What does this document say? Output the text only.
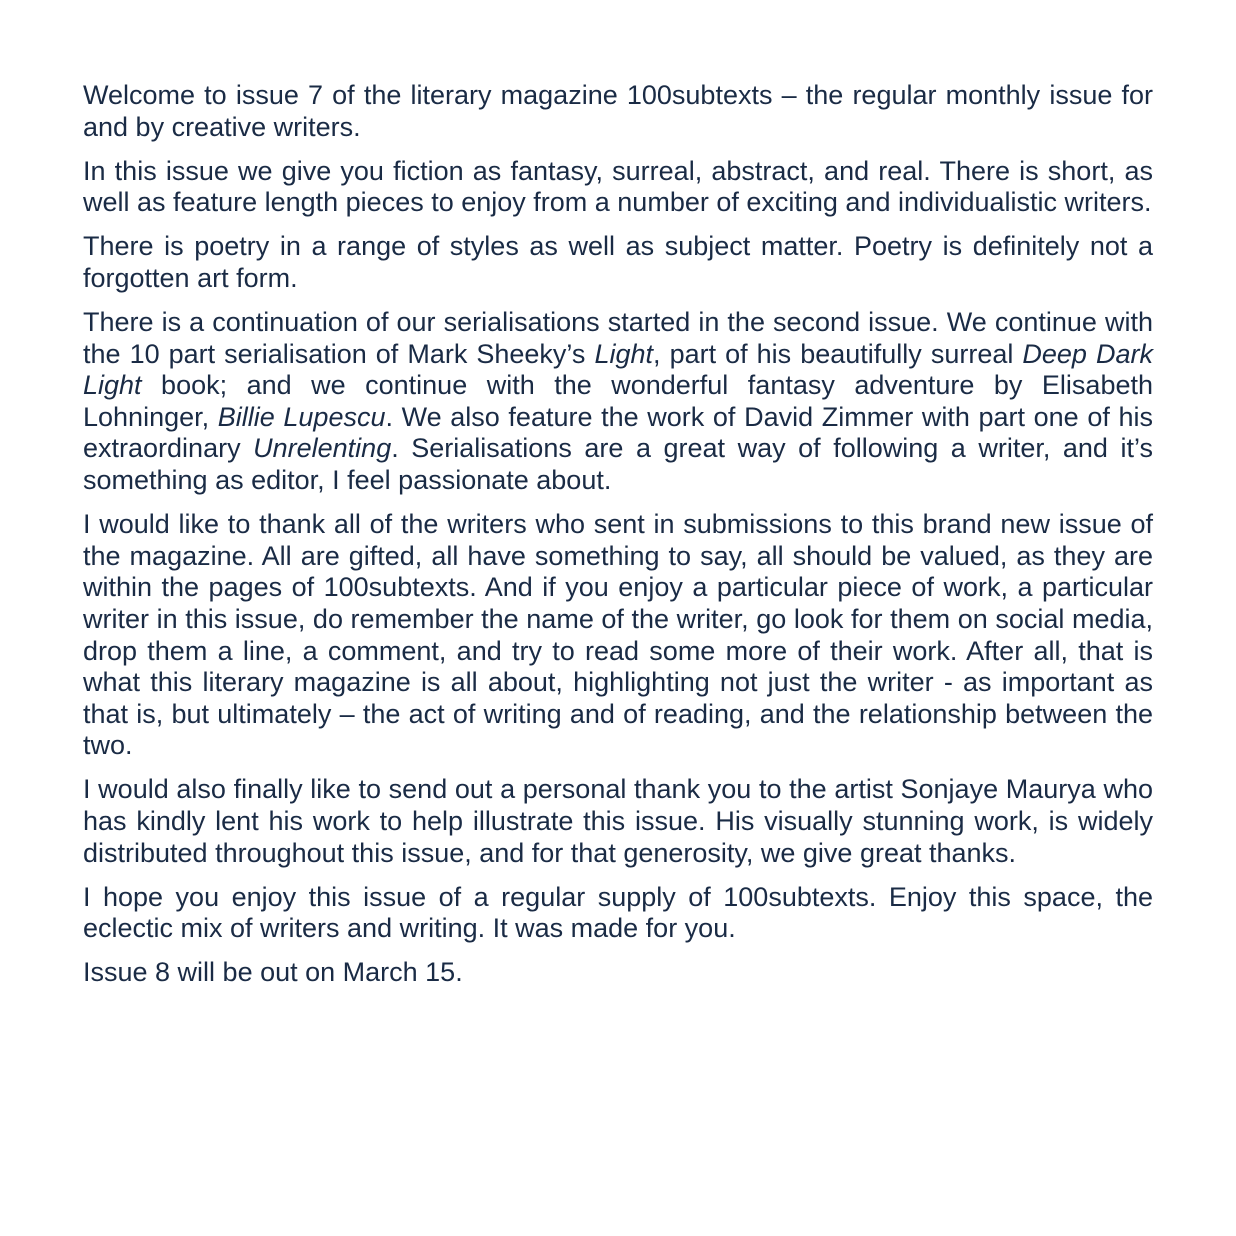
Welcome to issue 7 of the literary magazine 100subtexts – the regular monthly issue for and by creative writers.

In this issue we give you fiction as fantasy, surreal, abstract, and real. There is short, as well as feature length pieces to enjoy from a number of exciting and individualistic writers.

There is poetry in a range of styles as well as subject matter. Poetry is definitely not a forgotten art form.

There is a continuation of our serialisations started in the second issue. We continue with the 10 part serialisation of Mark Sheeky’s Light, part of his beautifully surreal Deep Dark Light book; and we continue with the wonderful fantasy adventure by Elisabeth Lohninger, Billie Lupescu. We also feature the work of David Zimmer with part one of his extraordinary Unrelenting. Serialisations are a great way of following a writer, and it’s something as editor, I feel passionate about.

I would like to thank all of the writers who sent in submissions to this brand new issue of the magazine. All are gifted, all have something to say, all should be valued, as they are within the pages of 100subtexts. And if you enjoy a particular piece of work, a particular writer in this issue, do remember the name of the writer, go look for them on social media, drop them a line, a comment, and try to read some more of their work. After all, that is what this literary magazine is all about, highlighting not just the writer - as important as that is, but ultimately – the act of writing and of reading, and the relationship between the two.

I would also finally like to send out a personal thank you to the artist Sonjaye Maurya who has kindly lent his work to help illustrate this issue. His visually stunning work, is widely distributed throughout this issue, and for that generosity, we give great thanks.

I hope you enjoy this issue of a regular supply of 100subtexts. Enjoy this space, the eclectic mix of writers and writing. It was made for you.

Issue 8 will be out on March 15.
